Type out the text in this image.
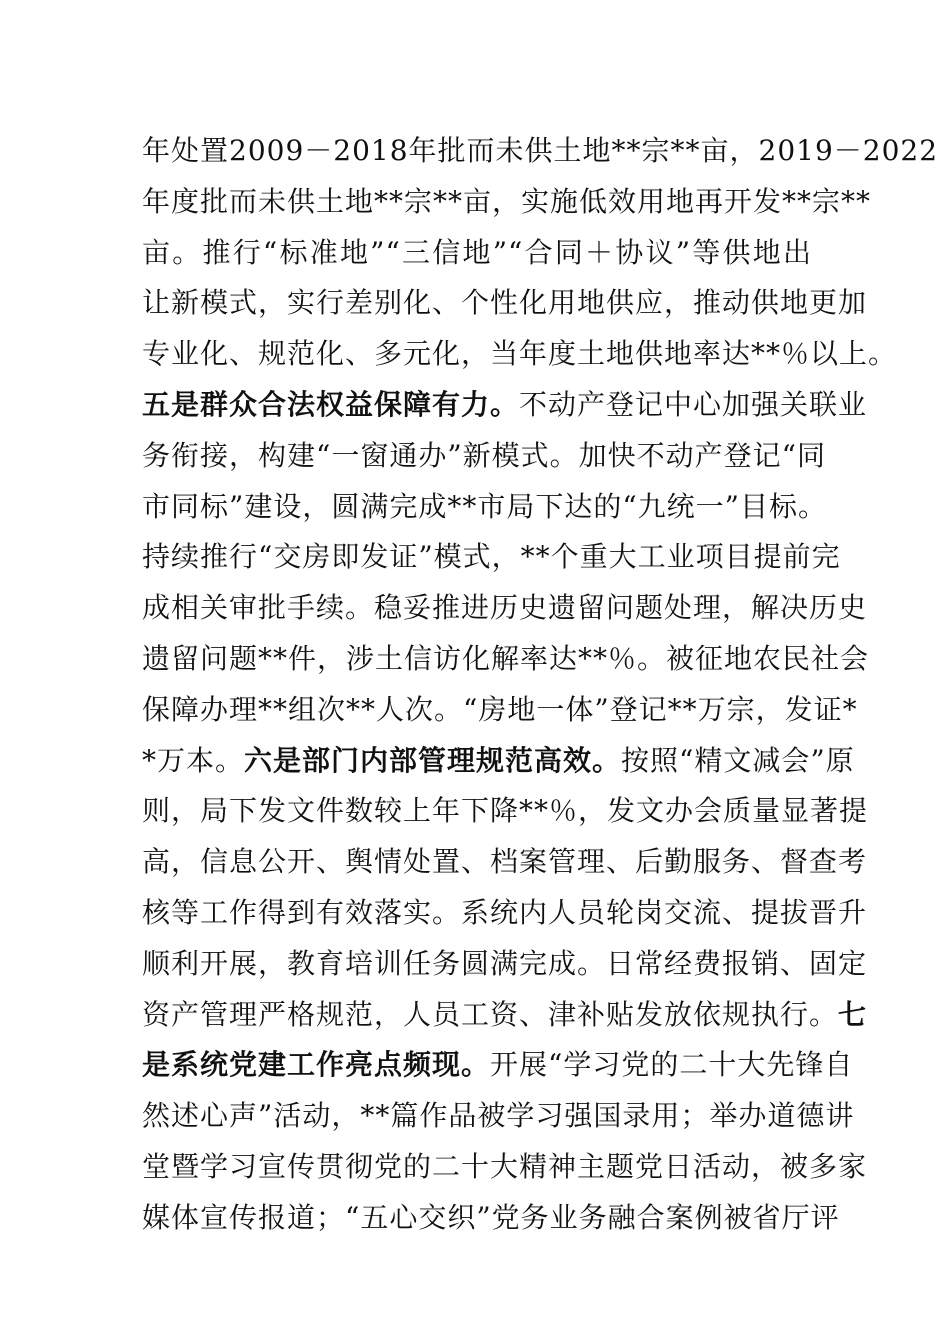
年处置2009－2018年批而未供土地**宗**亩，2019－2022
年度批而未供土地**宗**亩，实施低效用地再开发**宗**
亩。推行“标准地”“三信地”“合同＋协议”等供地出
让新模式，实行差别化、个性化用地供应，推动供地更加
专业化、规范化、多元化，当年度土地供地率达**％以上。
五是群众合法权益保障有力。不动产登记中心加强关联业
务衔接，构建“一窗通办”新模式。加快不动产登记“同
市同标”建设，圆满完成**市局下达的“九统一”目标。
持续推行“交房即发证”模式，**个重大工业项目提前完
成相关审批手续。稳妥推进历史遗留问题处理，解决历史
遗留问题**件，涉土信访化解率达**％。被征地农民社会
保障办理**组次**人次。“房地一体”登记**万宗，发证*
*万本。六是部门内部管理规范高效。按照“精文减会”原
则，局下发文件数较上年下降**％，发文办会质量显著提
高，信息公开、舆情处置、档案管理、后勤服务、督查考
核等工作得到有效落实。系统内人员轮岗交流、提拔晋升
顺利开展，教育培训任务圆满完成。日常经费报销、固定
资产管理严格规范，人员工资、津补贴发放依规执行。七
是系统党建工作亮点频现。开展“学习党的二十大先锋自
然述心声”活动，**篇作品被学习强国录用；举办道德讲
堂暨学习宣传贯彻党的二十大精神主题党日活动，被多家
媒体宣传报道；“五心交织”党务业务融合案例被省厅评
